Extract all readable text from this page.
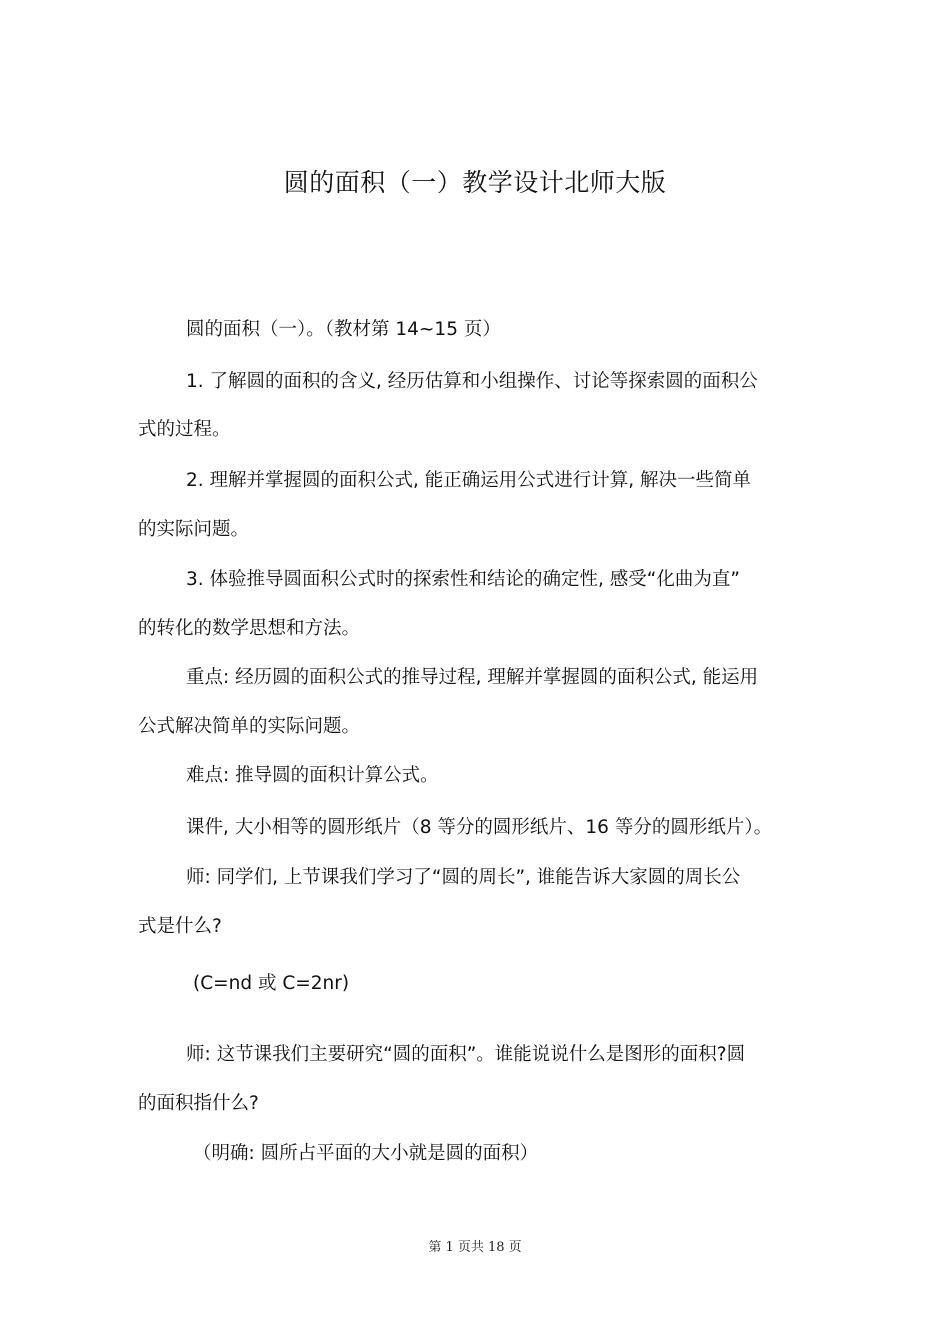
圆的面积（一）教学设计北师大版
圆的面积（一）。（教材第 14~15 页）
1. 了解圆的面积的含义, 经历估算和小组操作、讨论等探索圆的面积公
式的过程。
2. 理解并掌握圆的面积公式, 能正确运用公式进行计算, 解决一些简单
的实际问题。
3. 体验推导圆面积公式时的探索性和结论的确定性, 感受“化曲为直”
的转化的数学思想和方法。
重点: 经历圆的面积公式的推导过程, 理解并掌握圆的面积公式, 能运用
公式解决简单的实际问题。
难点: 推导圆的面积计算公式。
课件, 大小相等的圆形纸片（8 等分的圆形纸片、16 等分的圆形纸片）。
师: 同学们, 上节课我们学习了“圆的周长”, 谁能告诉大家圆的周长公
式是什么?
(C=nd 或 C=2nr)
师: 这节课我们主要研究“圆的面积”。谁能说说什么是图形的面积?圆
的面积指什么?
（明确: 圆所占平面的大小就是圆的面积）
第 1 页共 18 页
